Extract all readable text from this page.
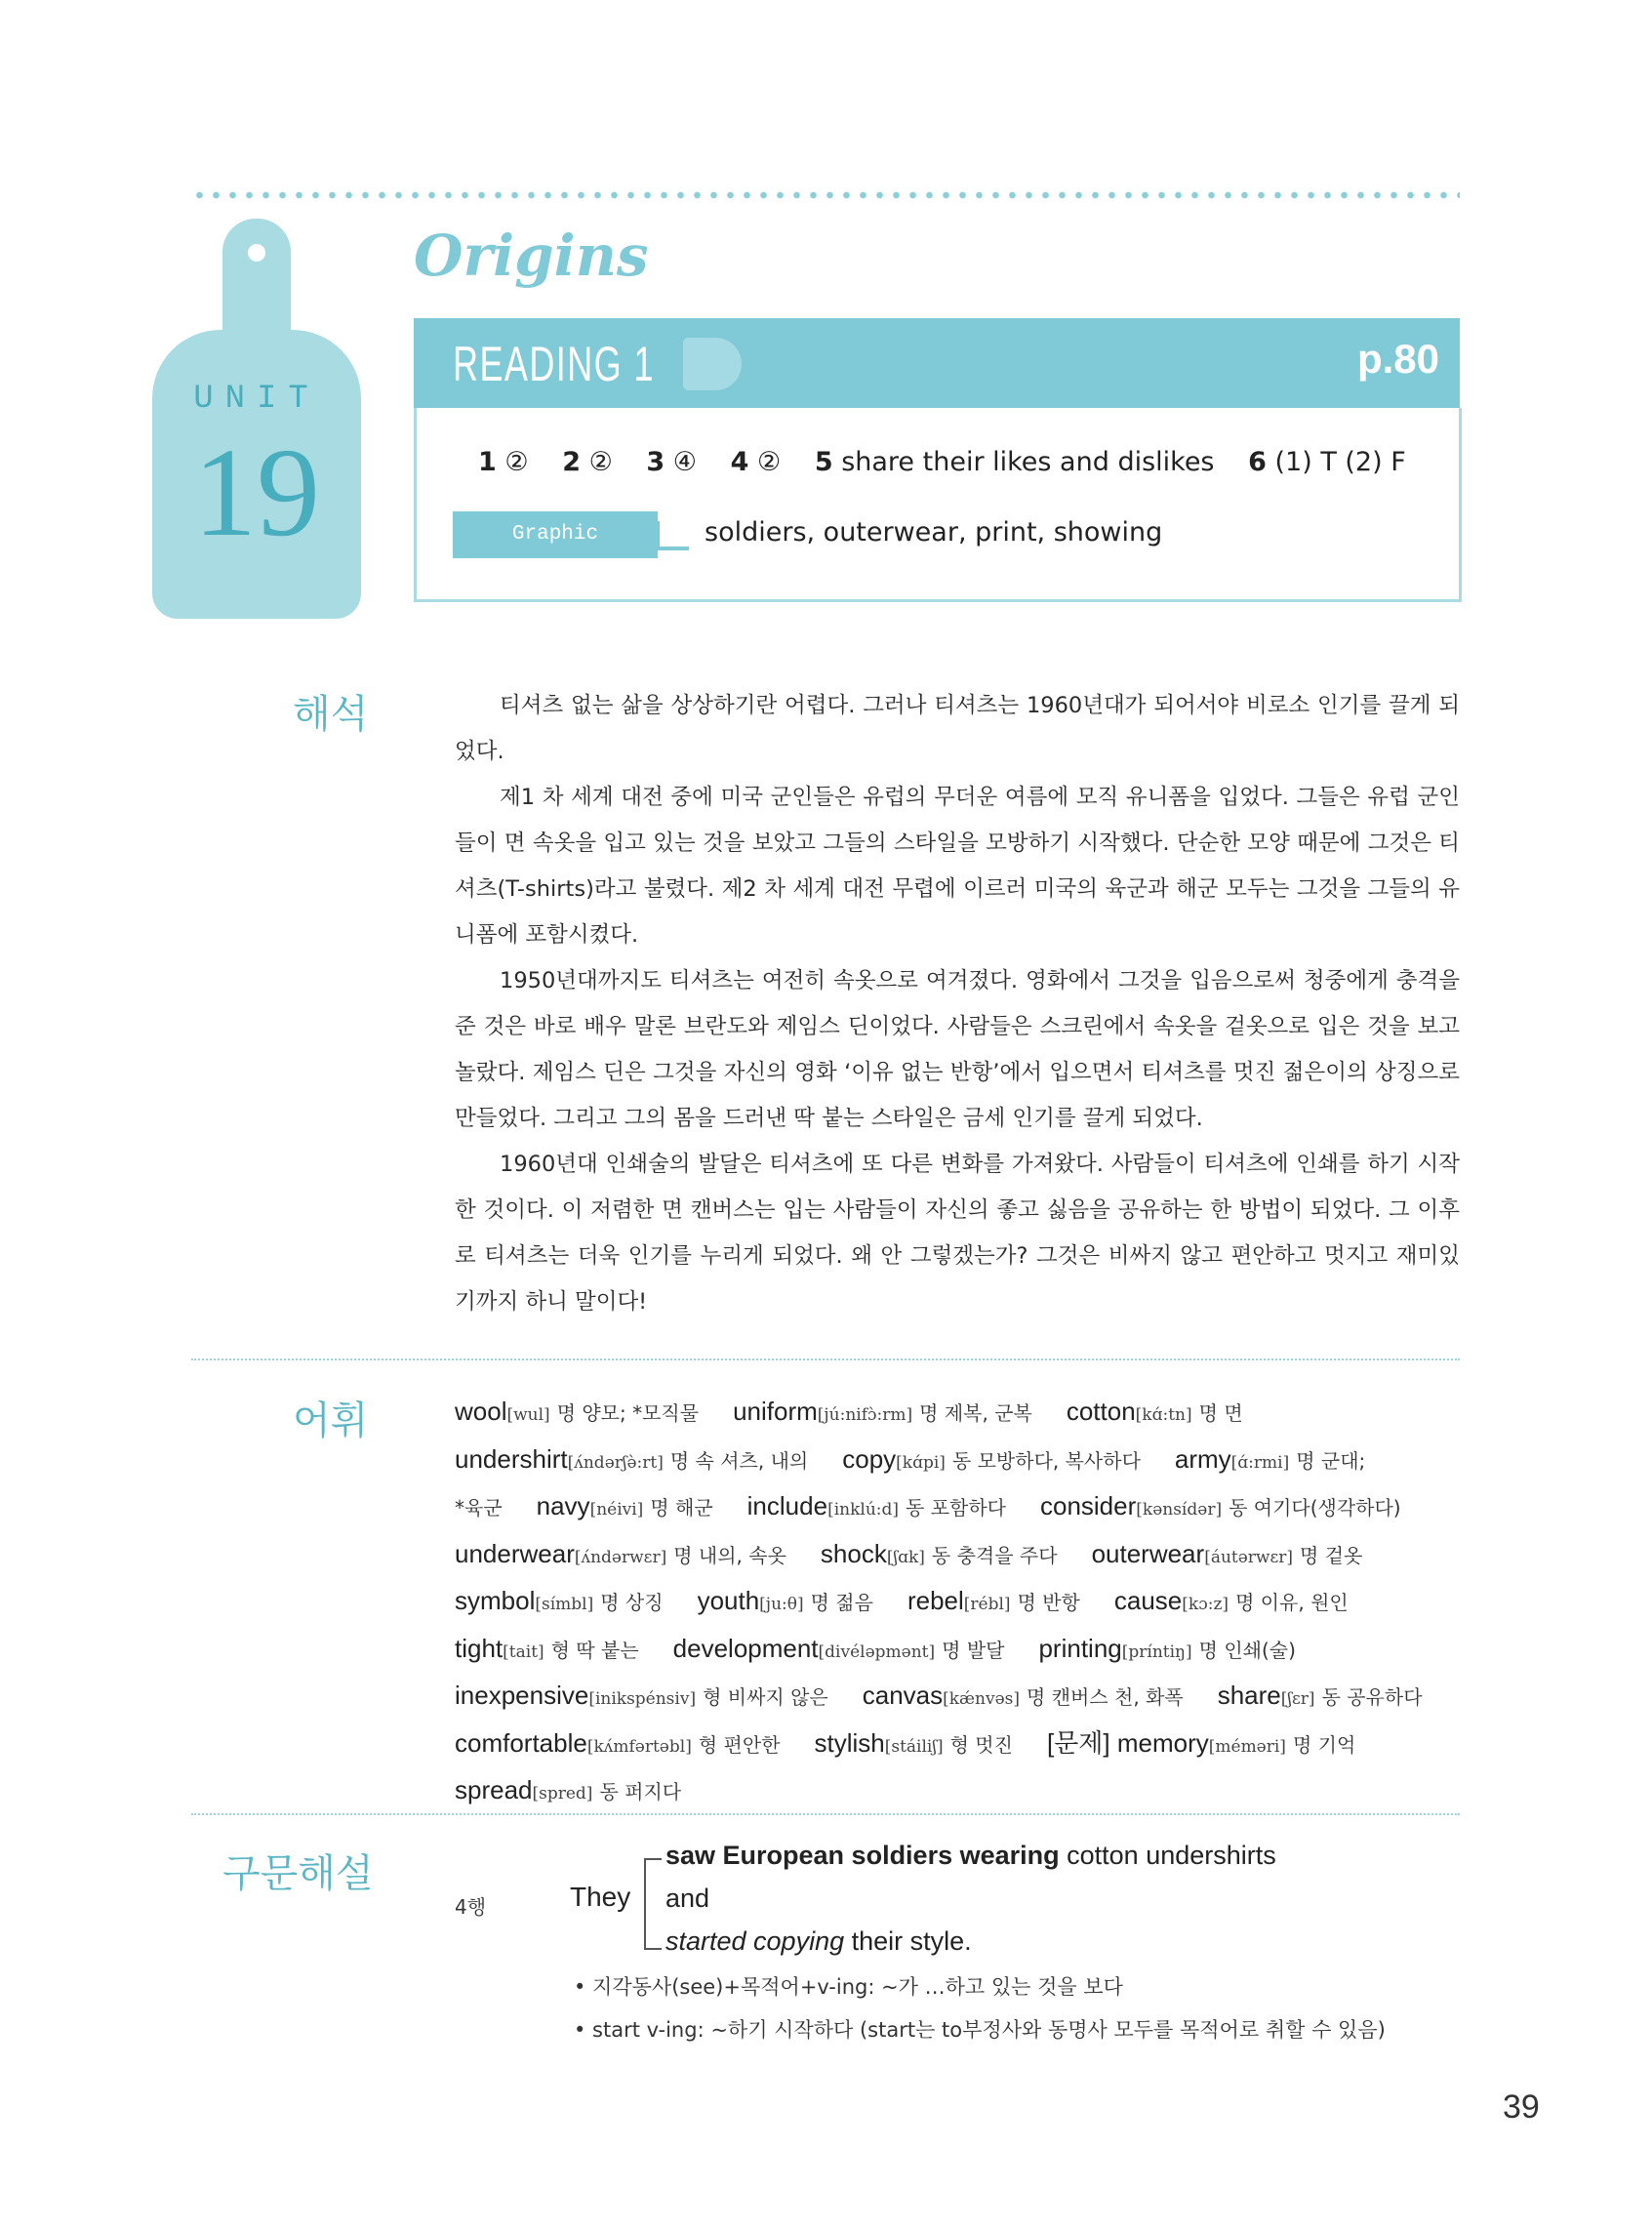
UNIT
19
Origins
READING 1	p.80
1 ② 2 ② 3 ④ 4 ② 5 share their likes and dislikes 6 (1) T (2) F
Graphic Organizer
soldiers, outerwear, print, showing
해석	티셔츠 없는 삶을 상상하기란 어렵다. 그러나 티셔츠는 1960년대가 되어서야 비로소 인기를 끌게 되었다.

제1 차 세계 대전 중에 미국 군인들은 유럽의 무더운 여름에 모직 유니폼을 입었다. 그들은 유럽 군인들이 면 속옷을 입고 있는 것을 보았고 그들의 스타일을 모방하기 시작했다. 단순한 모양 때문에 그것은 티셔츠(T-shirts)라고 불렸다. 제2 차 세계 대전 무렵에 이르러 미국의 육군과 해군 모두는 그것을 그들의 유니폼에 포함시켰다.

1950년대까지도 티셔츠는 여전히 속옷으로 여겨졌다. 영화에서 그것을 입음으로써 청중에게 충격을 준 것은 바로 배우 말론 브란도와 제임스 딘이었다. 사람들은 스크린에서 속옷을 겉옷으로 입은 것을 보고 놀랐다. 제임스 딘은 그것을 자신의 영화 ‘이유 없는 반항’에서 입으면서 티셔츠를 멋진 젊은이의 상징으로 만들었다. 그리고 그의 몸을 드러낸 딱 붙는 스타일은 금세 인기를 끌게 되었다.

1960년대 인쇄술의 발달은 티셔츠에 또 다른 변화를 가져왔다. 사람들이 티셔츠에 인쇄를 하기 시작한 것이다. 이 저렴한 면 캔버스는 입는 사람들이 자신의 좋고 싫음을 공유하는 한 방법이 되었다. 그 이후로 티셔츠는 더욱 인기를 누리게 되었다. 왜 안 그렇겠는가? 그것은 비싸지 않고 편안하고 멋지고 재미있기까지 하니 말이다!

어휘	wool[wul] 명 양모; *모직물 uniform[jú:nifɔ̀:rm] 명 제복, 군복 cotton[kɑ́:tn] 명 면
undershirt[ʌ́ndərʃə̀:rt] 명 속 셔츠, 내의 copy[kɑ́pi] 동 모방하다, 복사하다 army[ɑ́:rmi] 명 군대;
*육군 navy[néivi] 명 해군 include[inklú:d] 동 포함하다 consider[kənsídər] 동 여기다(생각하다)
underwear[ʌ́ndərwɛr] 명 내의, 속옷 shock[ʃɑk] 동 충격을 주다 outerwear[áutərwɛr] 명 겉옷
symbol[símbl] 명 상징 youth[ju:θ] 명 젊음 rebel[rébl] 명 반항 cause[kɔ:z] 명 이유, 원인
tight[tait] 형 딱 붙는 development[divéləpmənt] 명 발달 printing[príntiŋ] 명 인쇄(술)
inexpensive[inikspénsiv] 형 비싸지 않은 canvas[kǽnvəs] 명 캔버스 천, 화폭 share[ʃɛr] 동 공유하다
comfortable[kʌ́mfərtəbl] 형 편안한 stylish[stáiliʃ] 형 멋진 [문제] memory[méməri] 명 기억
spread[spred] 동 퍼지다
구문해설
4행	They
saw European soldiers wearing cotton undershirts
and
started copying their style.
• 지각동사(see)+목적어+v-ing: ~가 …하고 있는 것을 보다
• start v-ing: ~하기 시작하다 (start는 to부정사와 동명사 모두를 목적어로 취할 수 있음)
39
